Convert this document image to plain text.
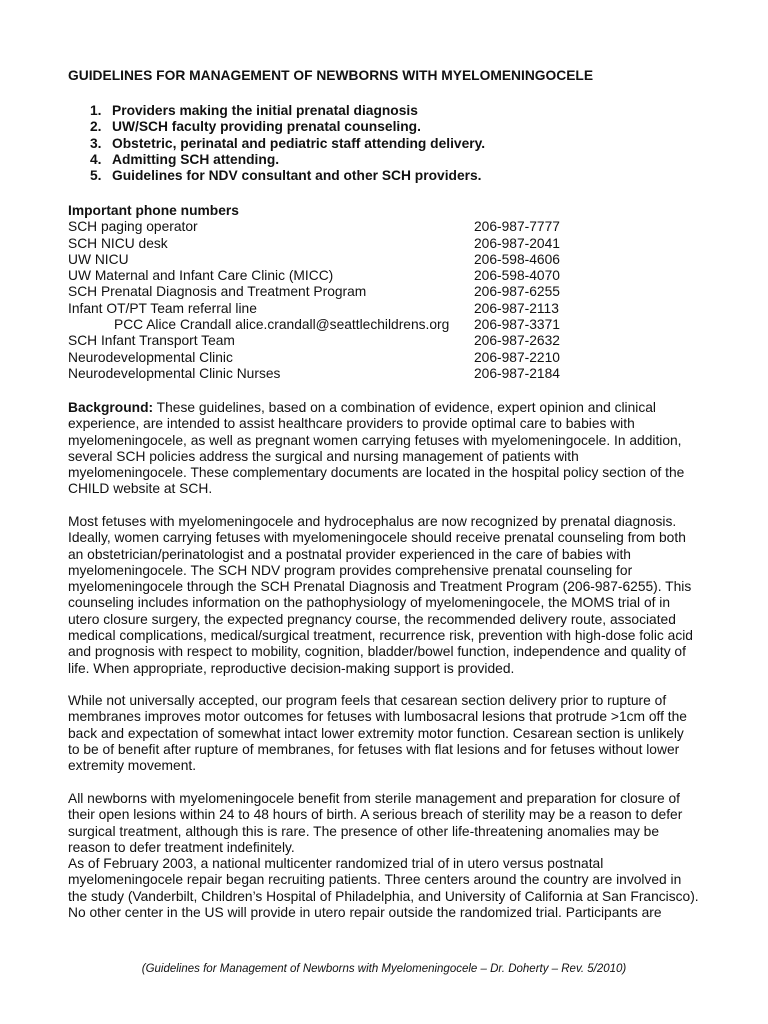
GUIDELINES FOR MANAGEMENT OF NEWBORNS WITH MYELOMENINGOCELE
1. Providers making the initial prenatal diagnosis
2. UW/SCH faculty providing prenatal counseling.
3. Obstetric, perinatal and pediatric staff attending delivery.
4. Admitting SCH attending.
5. Guidelines for NDV consultant and other SCH providers.
Important phone numbers
SCH paging operator	206-987-7777
SCH NICU desk	206-987-2041
UW NICU	206-598-4606
UW Maternal and Infant Care Clinic (MICC)	206-598-4070
SCH Prenatal Diagnosis and Treatment Program	206-987-6255
Infant OT/PT Team referral line	206-987-2113
PCC Alice Crandall alice.crandall@seattlechildrens.org 206-987-3371
SCH Infant Transport Team	206-987-2632
Neurodevelopmental Clinic	206-987-2210
Neurodevelopmental Clinic Nurses	206-987-2184

Background: These guidelines, based on a combination of evidence, expert opinion and clinical
experience, are intended to assist healthcare providers to provide optimal care to babies with
myelomeningocele, as well as pregnant women carrying fetuses with myelomeningocele. In addition,
several SCH policies address the surgical and nursing management of patients with
myelomeningocele. These complementary documents are located in the hospital policy section of the
CHILD website at SCH.

Most fetuses with myelomeningocele and hydrocephalus are now recognized by prenatal diagnosis.
Ideally, women carrying fetuses with myelomeningocele should receive prenatal counseling from both
an obstetrician/perinatologist and a postnatal provider experienced in the care of babies with
myelomeningocele. The SCH NDV program provides comprehensive prenatal counseling for
myelomeningocele through the SCH Prenatal Diagnosis and Treatment Program (206-987-6255). This
counseling includes information on the pathophysiology of myelomeningocele, the MOMS trial of in
utero closure surgery, the expected pregnancy course, the recommended delivery route, associated
medical complications, medical/surgical treatment, recurrence risk, prevention with high-dose folic acid
and prognosis with respect to mobility, cognition, bladder/bowel function, independence and quality of
life. When appropriate, reproductive decision-making support is provided.

While not universally accepted, our program feels that cesarean section delivery prior to rupture of
membranes improves motor outcomes for fetuses with lumbosacral lesions that protrude >1cm off the
back and expectation of somewhat intact lower extremity motor function. Cesarean section is unlikely
to be of benefit after rupture of membranes, for fetuses with flat lesions and for fetuses without lower
extremity movement.

All newborns with myelomeningocele benefit from sterile management and preparation for closure of
their open lesions within 24 to 48 hours of birth. A serious breach of sterility may be a reason to defer
surgical treatment, although this is rare. The presence of other life-threatening anomalies may be
reason to defer treatment indefinitely.
As of February 2003, a national multicenter randomized trial of in utero versus postnatal
myelomeningocele repair began recruiting patients. Three centers around the country are involved in
the study (Vanderbilt, Children’s Hospital of Philadelphia, and University of California at San Francisco).
No other center in the US will provide in utero repair outside the randomized trial. Participants are

(Guidelines for Management of Newborns with Myelomeningocele – Dr. Doherty – Rev. 5/2010)
